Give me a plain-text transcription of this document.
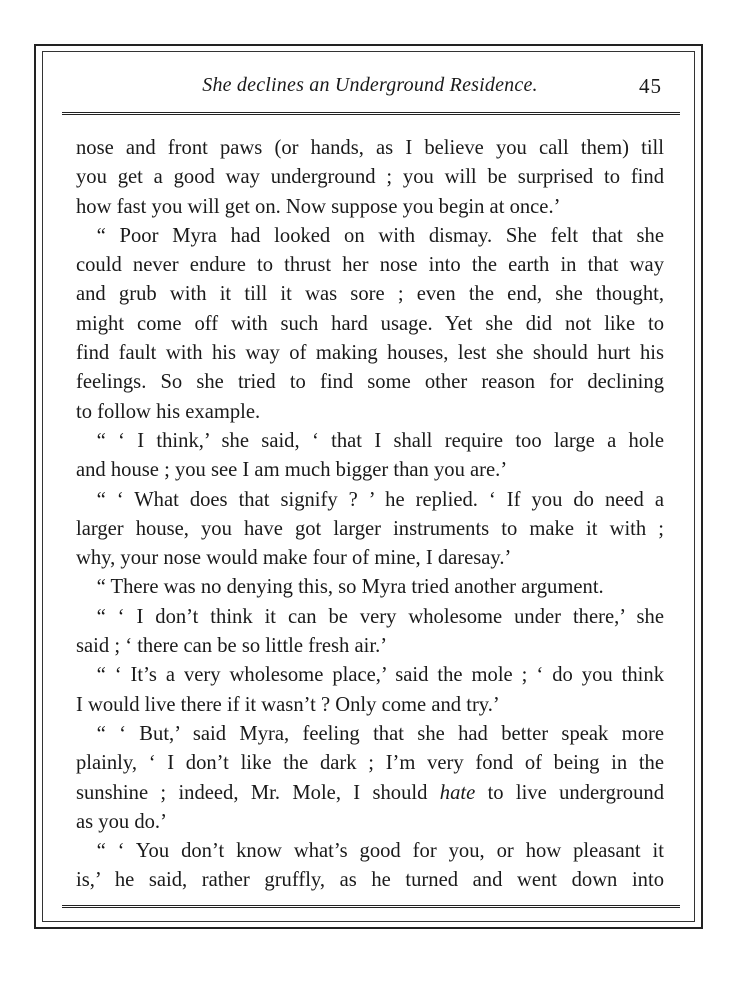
She declines an Underground Residence.	45
nose and front paws (or hands, as I believe you call them) till
you get a good way underground ; you will be surprised to find
how fast you will get on. Now suppose you begin at once.’
 “ Poor Myra had looked on with dismay. She felt that she
could never endure to thrust her nose into the earth in that way
and grub with it till it was sore ; even the end, she thought,
might come off with such hard usage. Yet she did not like to
find fault with his way of making houses, lest she should hurt his
feelings. So she tried to find some other reason for declining
to follow his example.
 “ ‘ I think,’ she said, ‘ that I shall require too large a hole
and house ; you see I am much bigger than you are.’
 “ ‘ What does that signify ? ’ he replied. ‘ If you do need a
larger house, you have got larger instruments to make it with ;
why, your nose would make four of mine, I daresay.’
 “ There was no denying this, so Myra tried another argument.
 “ ‘ I don’t think it can be very wholesome under there,’ she
said ; ‘ there can be so little fresh air.’
 “ ‘ It’s a very wholesome place,’ said the mole ; ‘ do you think
I would live there if it wasn’t ? Only come and try.’
 “ ‘ But,’ said Myra, feeling that she had better speak more
plainly, ‘ I don’t like the dark ; I’m very fond of being in the
sunshine ; indeed, Mr. Mole, I should hate to live underground
as you do.’
 “ ‘ You don’t know what’s good for you, or how pleasant it
is,’ he said, rather gruffly, as he turned and went down into
